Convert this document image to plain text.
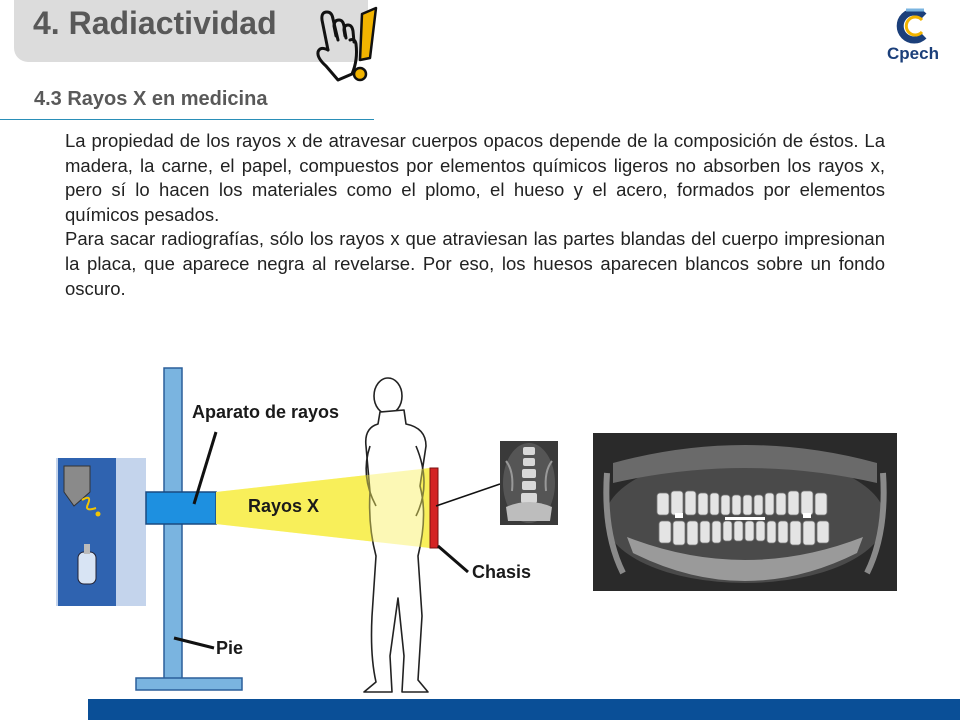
4. Radiactividad
Cpech
4.3 Rayos X en medicina

La propiedad de los rayos x de atravesar cuerpos opacos depende de la composición de éstos. La madera, la carne, el papel, compuestos por elementos químicos ligeros no absorben los rayos x, pero sí lo hacen los materiales como el plomo, el hueso y el acero, formados por elementos químicos pesados.

Para sacar radiografías, sólo los rayos x que atraviesan las partes blandas del cuerpo impresionan la placa, que aparece negra al revelarse. Por eso, los huesos aparecen blancos sobre un fondo oscuro.

Aparato de rayos
Rayos X
Chasis
Pie
